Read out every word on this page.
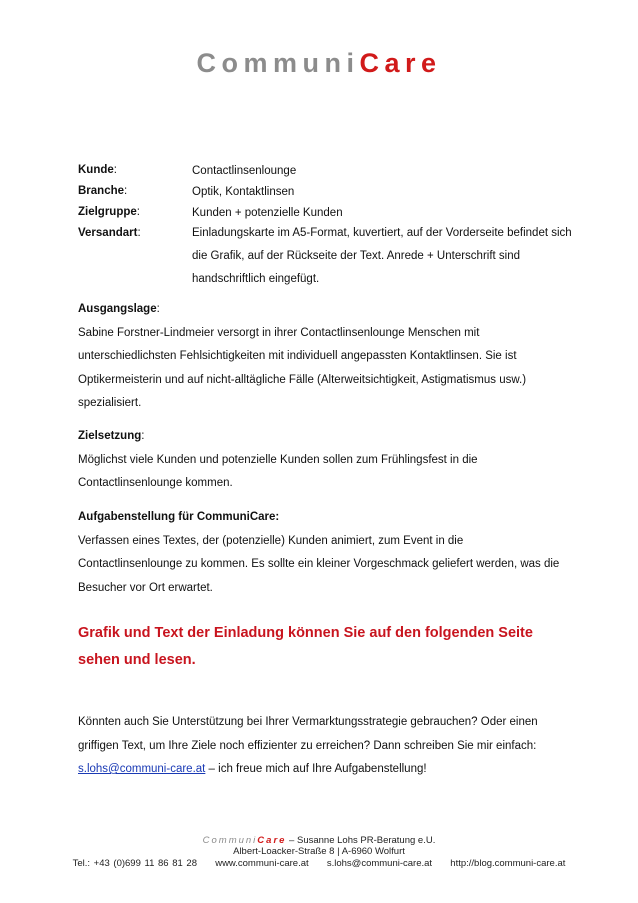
CommuniCare
Kunde:	Contactlinsenlounge
Branche:	Optik, Kontaktlinsen
Zielgruppe:	Kunden + potenzielle Kunden
Versandart:	Einladungskarte im A5-Format, kuvertiert, auf der Vorderseite befindet sich die Grafik, auf der Rückseite der Text. Anrede + Unterschrift sind handschriftlich eingefügt.
Ausgangslage:
Sabine Forstner-Lindmeier versorgt in ihrer Contactlinsenlounge Menschen mit unterschiedlichsten Fehlsichtigkeiten mit individuell angepassten Kontaktlinsen. Sie ist Optikermeisterin und auf nicht-alltägliche Fälle (Alterweitsichtigkeit, Astigmatismus usw.) spezialisiert.
Zielsetzung:
Möglichst viele Kunden und potenzielle Kunden sollen zum Frühlingsfest in die Contactlinsenlounge kommen.
Aufgabenstellung für CommuniCare:
Verfassen eines Textes, der (potenzielle) Kunden animiert, zum Event in die Contactlinsenlounge zu kommen. Es sollte ein kleiner Vorgeschmack geliefert werden, was die Besucher vor Ort erwartet.
Grafik und Text der Einladung können Sie auf den folgenden Seite sehen und lesen.
Könnten auch Sie Unterstützung bei Ihrer Vermarktungsstrategie gebrauchen? Oder einen griffigen Text, um Ihre Ziele noch effizienter zu erreichen? Dann schreiben Sie mir einfach:
s.lohs@communi-care.at – ich freue mich auf Ihre Aufgabenstellung!
CommuniCare – Susanne Lohs PR-Beratung e.U.
Albert-Loacker-Straße 8 | A-6960 Wolfurt
Tel.: +43 (0)699 11 86 81 28 www.communi-care.at s.lohs@communi-care.at http://blog.communi-care.at
